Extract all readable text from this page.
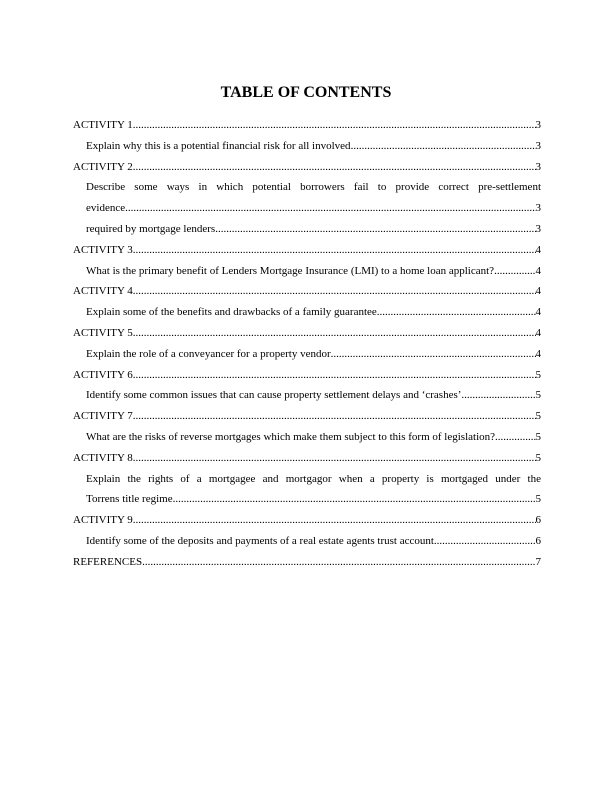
TABLE OF CONTENTS
ACTIVITY 1 .....	3
Explain why this is a potential financial risk for all involved .....	3
ACTIVITY 2 .....	3
Describe some ways in which potential borrowers fail to provide correct pre-settlement
evidence .....	3
required by mortgage lenders .....	3
ACTIVITY 3 .....	4
What is the primary benefit of Lenders Mortgage Insurance (LMI) to a home loan applicant? .....	4
ACTIVITY 4 .....	4
Explain some of the benefits and drawbacks of a family guarantee .....	4
ACTIVITY 5 .....	4
Explain the role of a conveyancer for a property vendor .....	4
ACTIVITY 6 .....	5
Identify some common issues that can cause property settlement delays and ‘crashes’ .....	5
ACTIVITY 7 .....	5
What are the risks of reverse mortgages which make them subject to this form of legislation? .....	5
ACTIVITY 8 .....	5
Explain the rights of a mortgagee and mortgagor when a property is mortgaged under the
Torrens title regime .....	5
ACTIVITY 9 .....	6
Identify some of the deposits and payments of a real estate agents trust account .....	6
REFERENCES .....	7
